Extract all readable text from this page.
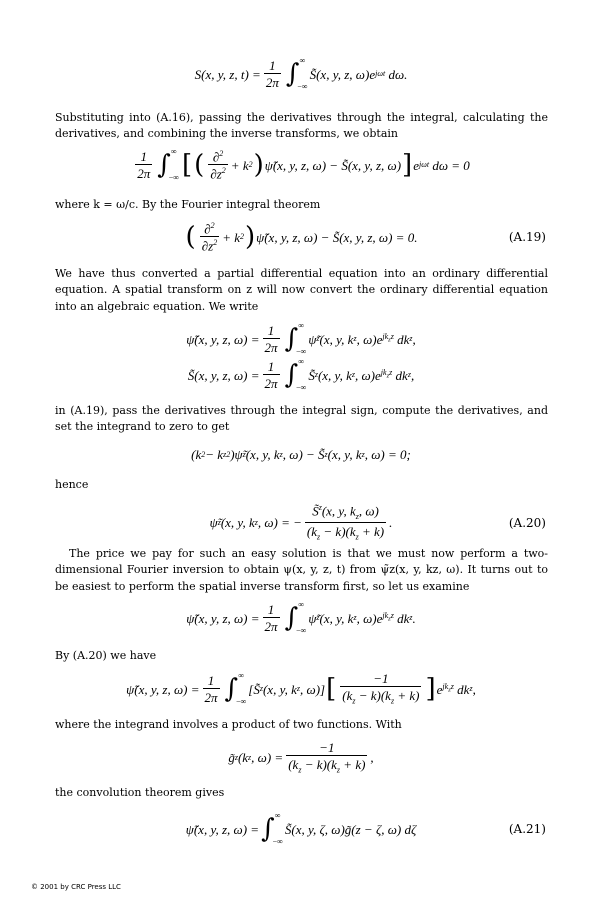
S(x, y, z, $t) = \frac{1}{2\pi}$ ∫ ∞
−∞
S̃(x, y, z, ω)e jωt dω.
Substituting into (A.16), passing the derivatives through the integral, calculating the derivatives, and combining the inverse transforms, we obtain
$\frac{1}{2\pi}$ ∫ ∞
−∞ [ ( $\frac{\partial^2}{\partial z^2} + k$ 2 ) ψ̃(x, y, z, ω) − S̃(x, y, z, ω) ] e jωt dω = 0
where k = ω/c. By the Fourier integral theorem
( $\frac{\partial^2}{\partial z^2} + k$ 2 ) ψ̃(x, y, z, ω) − S̃(x, y, z, ω) = 0.	(A.19)
We have thus converted a partial differential equation into an ordinary differential equation. A spatial transform on z will now convert the ordinary differential equation into an algebraic equation. We write
ψ̃(x, y, z, $\omega) = \frac{1}{2\pi}$ ∫ ∞
−∞
ψ̃ z (x, y, k z , ω)e $jk_zz$ dk z ,
S̃(x, y, z, $\omega) = \frac{1}{2\pi}$ ∫ ∞
−∞
S̃ z (x, y, k z , ω)e $jk_zz$ dk z ,
in (A.19), pass the derivatives through the integral sign, compute the derivatives, and set the integrand to zero to get
(k 2 − k z 2 )ψ̃ z (x, y, k z , ω) − S̃ z (x, y, k z , ω) = 0;
hence
ψ̃ z (x, y, k z , ω) = − $\frac{S̃^z(x, y, k_z, \omega)}{(k_z - k)(k_z + k)}$ .	(A.20)
The price we pay for such an easy solution is that we must now perform a two-dimensional Fourier inversion to obtain ψ(x, y, z, t) from ψ̃z(x, y, kz, ω). It turns out to be easiest to perform the spatial inverse transform first, so let us examine
ψ̃(x, y, z, $\omega) = \frac{1}{2\pi}$ ∫ ∞
−∞
ψ̃ z (x, y, k z , ω)e $jk_zz$ dk z .
By (A.20) we have
ψ̃(x, y, z, $\omega) = \frac{1}{2\pi}$ ∫ ∞
−∞
[S̃ z (x, y, k z , ω)] [ $\frac{-1}{(k_z - k)(k_z + k)}$ ] e $jk_zz$ dk z ,
where the integrand involves a product of two functions. With
g̃ z (k z , $\omega) = \frac{-1}{(k_z - k)(k_z + k)}$ ,
the convolution theorem gives
ψ̃(x, y, z, ω) = ∫ ∞
−∞
S̃(x, y, ζ, ω)g̃(z − ζ, ω) dζ	(A.21)
© 2001 by CRC Press LLC
